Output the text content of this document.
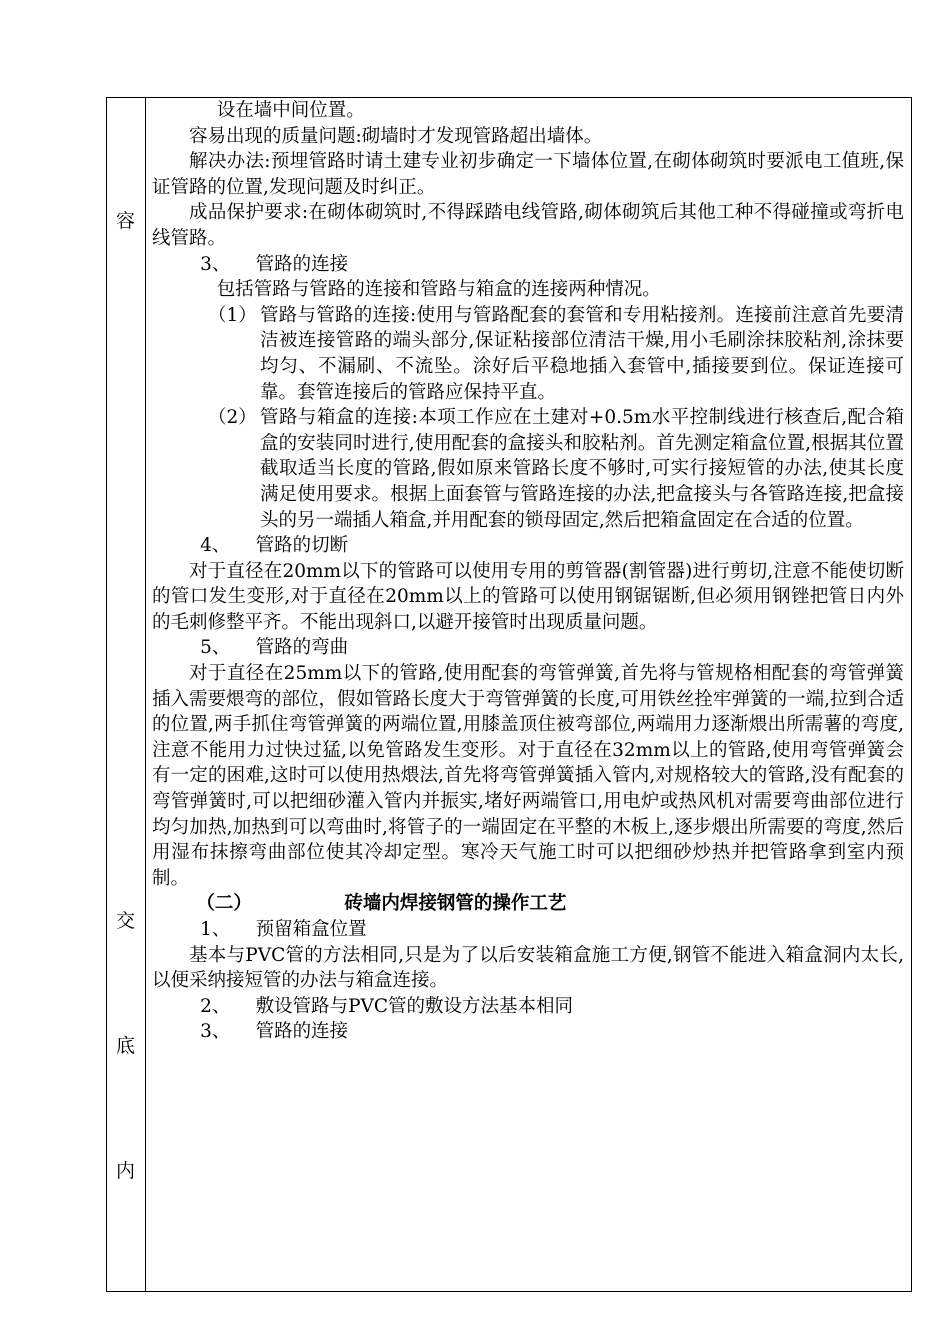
容
交
底
内

设在墙中间位置。

容易出现的质量问题:砌墙时才发现管路超出墙体。

解决办法:预埋管路时请土建专业初步确定一下墙体位置,在砌体砌筑时要派电工值班,保证管路的位置,发现问题及时纠正。

成品保护要求:在砌体砌筑时,不得踩踏电线管路,砌体砌筑后其他工种不得碰撞或弯折电线管路。

3、 管路的连接

包括管路与管路的连接和管路与箱盒的连接两种情况。

（1） 管路与管路的连接:使用与管路配套的套管和专用粘接剂。连接前注意首先要清洁被连接管路的端头部分,保证粘接部位清洁干燥,用小毛刷涂抹胶粘剂,涂抹要均匀、不漏刷、不流坠。涂好后平稳地插入套管中,插接要到位。保证连接可靠。套管连接后的管路应保持平直。
（2） 管路与箱盒的连接:本项工作应在土建对+0.5m水平控制线进行核查后,配合箱盒的安装同时进行,使用配套的盒接头和胶粘剂。首先测定箱盒位置,根据其位置截取适当长度的管路,假如原来管路长度不够时,可实行接短管的办法,使其长度满足使用要求。根据上面套管与管路连接的办法,把盒接头与各管路连接,把盒接头的另一端插人箱盒,并用配套的锁母固定,然后把箱盒固定在合适的位置。

4、 管路的切断

对于直径在20mm以下的管路可以使用专用的剪管器(割管器)进行剪切,注意不能使切断的管口发生变形,对于直径在20mm以上的管路可以使用钢锯锯断,但必须用钢锉把管日内外的毛刺修整平齐。不能出现斜口,以避开接管时出现质量问题。

5、 管路的弯曲

对于直径在25mm以下的管路,使用配套的弯管弹簧,首先将与管规格相配套的弯管弹簧插入需要煨弯的部位，假如管路长度大于弯管弹簧的长度,可用铁丝拴牢弹簧的一端,拉到合适的位置,两手抓住弯管弹簧的两端位置,用膝盖顶住被弯部位,两端用力逐渐煨出所需薯的弯度,注意不能用力过快过猛,以免管路发生变形。对于直径在32mm以上的管路,使用弯管弹簧会有一定的困难,这时可以使用热煨法,首先将弯管弹簧插入管内,对规格较大的管路,没有配套的弯管弹簧时,可以把细砂灌入管内并振实,堵好两端管口,用电炉或热风机对需要弯曲部位进行均匀加热,加热到可以弯曲时,将管子的一端固定在平整的木板上,逐步煨出所需要的弯度,然后用湿布抹擦弯曲部位使其冷却定型。寒冷天气施工时可以把细砂炒热并把管路拿到室内预制。

（二）	砖墙内焊接钢管的操作工艺

1、 预留箱盒位置

基本与PVC管的方法相同,只是为了以后安装箱盒施工方便,钢管不能进入箱盒洞内太长,以便采纳接短管的办法与箱盒连接。

2、 敷设管路与PVC管的敷设方法基本相同

3、 管路的连接
